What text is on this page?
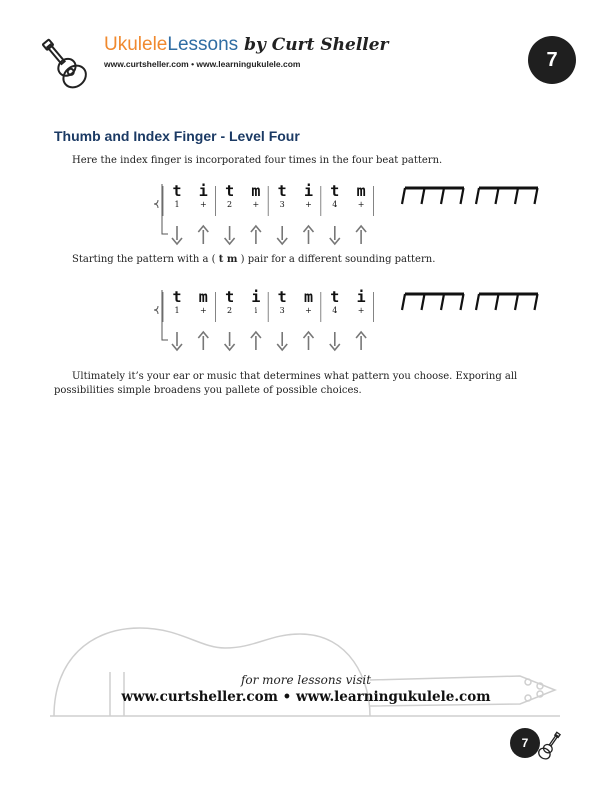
UkuleleLessons by Curt Sheller
www.curtsheller.com • www.learningukulele.com	7
Thumb and Index Finger - Level Four
Here the index finger is incorporated four times in the four beat pattern.
t
1
i
+
t
2
m
+
t
3
i
+
t
4
m
+
Starting the pattern with a ( t m ) pair for a different sounding pattern.
t
1
m
+
t
2
i
i
t
3
m
+
t
4
i
+
Ultimately it’s your ear or music that determines what pattern you choose. Exporing all possibilities simple broadens you pallete of possible choices.
for more lessons visit
www.curtsheller.com • www.learningukulele.com
7
